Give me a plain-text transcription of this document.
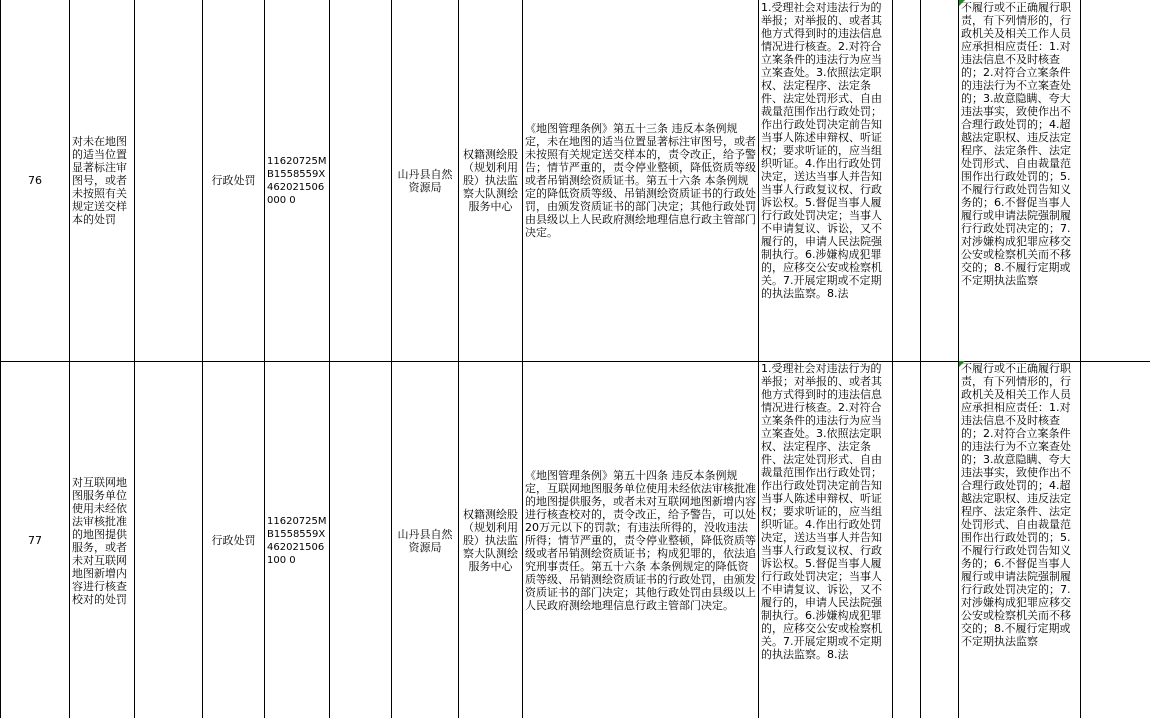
76
对未在地图的适当位置显著标注审图号，或者未按照有关规定送交样本的处罚
行政处罚
11620725MB1558559X462021506000 0
山丹县自然资源局
权籍测绘股（规划利用股）执法监察大队测绘服务中心
《地图管理条例》第五十三条 违反本条例规定，未在地图的适当位置显著标注审图号，或者未按照有关规定送交样本的，责令改正，给予警告；情节严重的，责令停业整顿，降低资质等级或者吊销测绘资质证书。第五十六条 本条例规定的降低资质等级、吊销测绘资质证书的行政处罚，由颁发资质证书的部门决定；其他行政处罚由县级以上人民政府测绘地理信息行政主管部门决定。
1.受理社会对违法行为的举报；对举报的、或者其他方式得到时的违法信息情况进行核查。2.对符合立案条件的违法行为应当立案查处。3.依照法定职权、法定程序、法定条件、法定处罚形式、自由裁量范围作出行政处罚；作出行政处罚决定前告知当事人陈述申辩权、听证权；要求听证的，应当组织听证。4.作出行政处罚决定，送达当事人并告知当事人行政复议权、行政诉讼权。5.督促当事人履行行政处罚决定；当事人不申请复议、诉讼，又不履行的，申请人民法院强制执行。6.涉嫌构成犯罪的，应移交公安或检察机关。7.开展定期或不定期的执法监察。8.法
不履行或不正确履行职责，有下列情形的，行政机关及相关工作人员应承担相应责任：1.对违法信息不及时核查的；2.对符合立案条件的违法行为不立案查处的；3.故意隐瞒、夸大违法事实，致使作出不合理行政处罚的；4.超越法定职权、违反法定程序、法定条件、法定处罚形式、自由裁量范围作出行政处罚的；5.不履行行政处罚告知义务的；6.不督促当事人履行或申请法院强制履行行政处罚决定的；7.对涉嫌构成犯罪应移交公安或检察机关而不移交的；8.不履行定期或不定期执法监察
77
对互联网地图服务单位使用未经依法审核批准的地图提供服务，或者未对互联网地图新增内容进行核查校对的处罚
行政处罚
11620725MB1558559X462021506100 0
山丹县自然资源局
权籍测绘股（规划利用股）执法监察大队测绘服务中心
《地图管理条例》第五十四条 违反本条例规定，互联网地图服务单位使用未经依法审核批准的地图提供服务，或者未对互联网地图新增内容进行核查校对的，责令改正，给予警告，可以处20万元以下的罚款；有违法所得的，没收违法所得；情节严重的，责令停业整顿，降低资质等级或者吊销测绘资质证书；构成犯罪的，依法追究刑事责任。第五十六条 本条例规定的降低资质等级、吊销测绘资质证书的行政处罚，由颁发资质证书的部门决定；其他行政处罚由县级以上人民政府测绘地理信息行政主管部门决定。
1.受理社会对违法行为的举报；对举报的、或者其他方式得到时的违法信息情况进行核查。2.对符合立案条件的违法行为应当立案查处。3.依照法定职权、法定程序、法定条件、法定处罚形式、自由裁量范围作出行政处罚；作出行政处罚决定前告知当事人陈述申辩权、听证权；要求听证的，应当组织听证。4.作出行政处罚决定，送达当事人并告知当事人行政复议权、行政诉讼权。5.督促当事人履行行政处罚决定；当事人不申请复议、诉讼，又不履行的，申请人民法院强制执行。6.涉嫌构成犯罪的，应移交公安或检察机关。7.开展定期或不定期的执法监察。8.法
不履行或不正确履行职责，有下列情形的，行政机关及相关工作人员应承担相应责任：1.对违法信息不及时核查的；2.对符合立案条件的违法行为不立案查处的；3.故意隐瞒、夸大违法事实，致使作出不合理行政处罚的；4.超越法定职权、违反法定程序、法定条件、法定处罚形式、自由裁量范围作出行政处罚的；5.不履行行政处罚告知义务的；6.不督促当事人履行或申请法院强制履行行政处罚决定的；7.对涉嫌构成犯罪应移交公安或检察机关而不移交的；8.不履行定期或不定期执法监察
